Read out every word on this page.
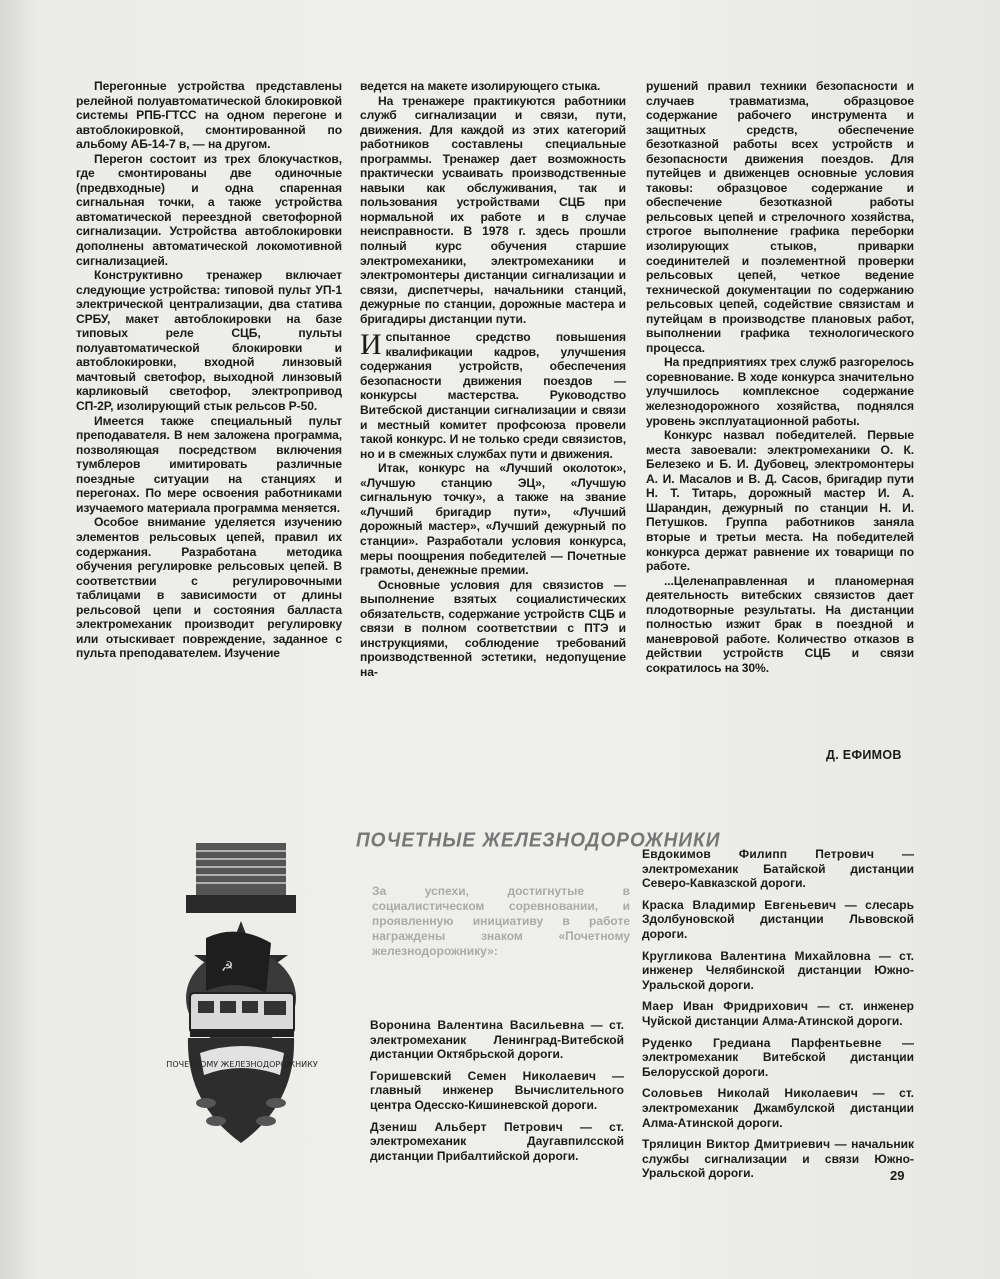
Перегонные устройства представлены релейной полуавтоматической блокировкой системы РПБ-ГТСС на одном перегоне и автоблокировкой, смонтированной по альбому АБ-14-7 в, — на другом.

Перегон состоит из трех блокучастков, где смонтированы две одиночные (предвходные) и одна спаренная сигнальная точки, а также устройства автоматической переездной светофорной сигнализации. Устройства автоблокировки дополнены автоматической локомотивной сигнализацией.

Конструктивно тренажер включает следующие устройства: типовой пульт УП-1 электрической централизации, два статива СРБУ, макет автоблокировки на базе типовых реле СЦБ, пульты полуавтоматической блокировки и автоблокировки, входной линзовый мачтовый светофор, выходной линзовый карликовый светофор, электропривод СП-2Р, изолирующий стык рельсов Р-50.

Имеется также специальный пульт преподавателя. В нем заложена программа, позволяющая посредством включения тумблеров имитировать различные поездные ситуации на станциях и перегонах. По мере освоения работниками изучаемого материала программа меняется.

Особое внимание уделяется изучению элементов рельсовых цепей, правил их содержания. Разработана методика обучения регулировке рельсовых цепей. В соответствии с регулировочными таблицами в зависимости от длины рельсовой цепи и состояния балласта электромеханик производит регулировку или отыскивает повреждение, заданное с пульта преподавателем. Изучение

ведется на макете изолирующего стыка.

На тренажере практикуются работники служб сигнализации и связи, пути, движения. Для каждой из этих категорий работников составлены специальные программы. Тренажер дает возможность практически усваивать производственные навыки как обслуживания, так и пользования устройствами СЦБ при нормальной их работе и в случае неисправности. В 1978 г. здесь прошли полный курс обучения старшие электромеханики, электромеханики и электромонтеры дистанции сигнализации и связи, диспетчеры, начальники станций, дежурные по станции, дорожные мастера и бригадиры дистанции пути.

Испытанное средство повышения квалификации кадров, улучшения содержания устройств, обеспечения безопасности движения поездов — конкурсы мастерства. Руководство Витебской дистанции сигнализации и связи и местный комитет профсоюза провели такой конкурс. И не только среди связистов, но и в смежных службах пути и движения.

Итак, конкурс на «Лучший околоток», «Лучшую станцию ЭЦ», «Лучшую сигнальную точку», а также на звание «Лучший бригадир пути», «Лучший дорожный мастер», «Лучший дежурный по станции». Разработали условия конкурса, меры поощрения победителей — Почетные грамоты, денежные премии.

Основные условия для связистов — выполнение взятых социалистических обязательств, содержание устройств СЦБ и связи в полном соответствии с ПТЭ и инструкциями, соблюдение требований производственной эстетики, недопущение на-

рушений правил техники безопасности и случаев травматизма, образцовое содержание рабочего инструмента и защитных средств, обеспечение безотказной работы всех устройств и безопасности движения поездов. Для путейцев и движенцев основные условия таковы: образцовое содержание и обеспечение безотказной работы рельсовых цепей и стрелочного хозяйства, строгое выполнение графика переборки изолирующих стыков, приварки соединителей и поэлементной проверки рельсовых цепей, четкое ведение технической документации по содержанию рельсовых цепей, содействие связистам и путейцам в производстве плановых работ, выполнении графика технологического процесса.

На предприятиях трех служб разгорелось соревнование. В ходе конкурса значительно улучшилось комплексное содержание железнодорожного хозяйства, поднялся уровень эксплуатационной работы.

Конкурс назвал победителей. Первые места завоевали: электромеханики О. К. Белезеко и Б. И. Дубовец, электромонтеры А. И. Масалов и В. Д. Сасов, бригадир пути Н. Т. Титарь, дорожный мастер И. А. Шарандин, дежурный по станции Н. И. Петушков. Группа работников заняла вторые и третьи места. На победителей конкурса держат равнение их товарищи по работе.

...Целенаправленная и планомерная деятельность витебских связистов дает плодотворные результаты. На дистанции полностью изжит брак в поездной и маневровой работе. Количество отказов в действии устройств СЦБ и связи сократилось на 30%.

Д. ЕФИМОВ
☭
ПОЧЕТНОМУ ЖЕЛЕЗНОДОРОЖНИКУ
ПОЧЕТНЫЕ ЖЕЛЕЗНОДОРОЖНИКИ
За успехи, достигнутые в социалистическом соревновании, и проявленную инициативу в работе награждены знаком «Почетному железнодорожнику»:
Воронина Валентина Васильевна — ст. электромеханик Ленинград-Витебской дистанции Октябрьской дороги.
Горишевский Семен Николаевич — главный инженер Вычислительного центра Одесско-Кишиневской дороги.
Дзениш Альберт Петрович — ст. электромеханик Даугавпилсской дистанции Прибалтийской дороги.
Евдокимов Филипп Петрович — электромеханик Батайской дистанции Северо-Кавказской дороги.
Краска Владимир Евгеньевич — слесарь Здолбуновской дистанции Львовской дороги.
Кругликова Валентина Михайловна — ст. инженер Челябинской дистанции Южно-Уральской дороги.
Маер Иван Фридрихович — ст. инженер Чуйской дистанции Алма-Атинской дороги.
Руденко Гредиана Парфентьевне — электромеханик Витебской дистанции Белорусской дороги.
Соловьев Николай Николаевич — ст. электромеханик Джамбулской дистанции Алма-Атинской дороги.
Трялицин Виктор Дмитриевич — начальник службы сигнализации и связи Южно-Уральской дороги.	29
